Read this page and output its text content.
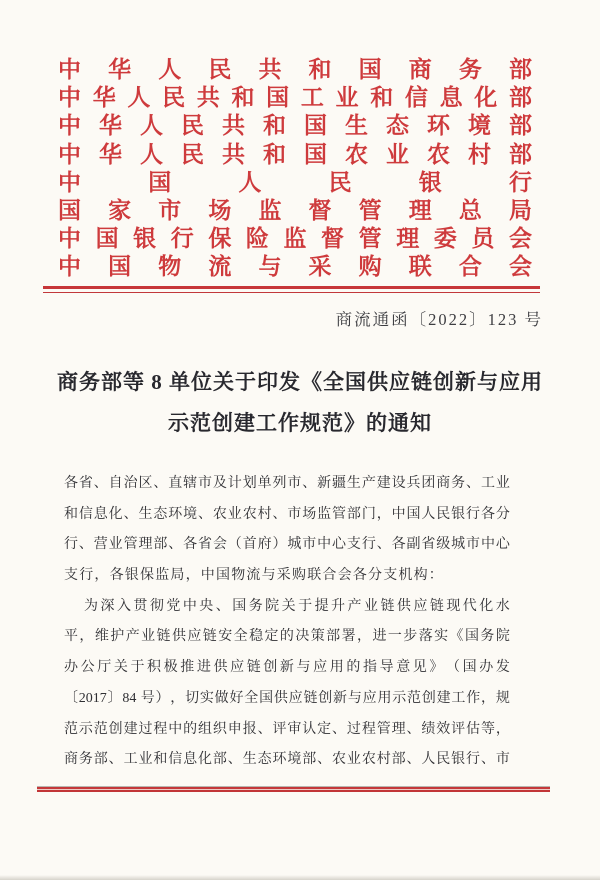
中 华 人 民 共 和 国 商 务 部
中 华 人 民 共 和 国 工 业 和 信 息 化 部
中 华 人 民 共 和 国 生 态 环 境 部
中 华 人 民 共 和 国 农 业 农 村 部
中	国	人	民	银	行
国 家 市 场 监 督 管 理 总 局
中 国 银 行 保 险 监 督 管 理 委 员 会
中 国 物 流 与 采 购 联 合 会
商流通函〔2022〕123 号
商务部等 8 单位关于印发《全国供应链创新与应用
示范创建工作规范》的通知
各 省 、 自 治 区 、 直 辖 市 及 计 划 单 列 市 、 新 疆 生 产 建 设 兵 团 商 务 、 工 业
和 信 息 化 、 生 态 环 境 、 农 业 农 村 、 市 场 监 管 部 门 ， 中 国 人 民 银 行 各 分
行 、 营 业 管 理 部 、 各 省 会 （ 首 府 ） 城 市 中 心 支 行 、 各 副 省 级 城 市 中 心
支行，各银保监局，中国物流与采购联合会各分支机构：
为 深 入 贯 彻 党 中 央 、 国 务 院 关 于 提 升 产 业 链 供 应 链 现 代 化 水
平 ， 维 护 产 业 链 供 应 链 安 全 稳 定 的 决 策 部 署 ， 进 一 步 落 实 《 国 务 院
办 公 厅 关 于 积 极 推 进 供 应 链 创 新 与 应 用 的 指 导 意 见 》 （ 国 办 发
〔 2017 〕 84 号 ） ， 切 实 做 好 全 国 供 应 链 创 新 与 应 用 示 范 创 建 工 作 ， 规
范 示 范 创 建 过 程 中 的 组 织 申 报 、 评 审 认 定 、 过 程 管 理 、 绩 效 评 估 等 ，
商 务 部 、 工 业 和 信 息 化 部 、 生 态 环 境 部 、 农 业 农 村 部 、 人 民 银 行 、 市
